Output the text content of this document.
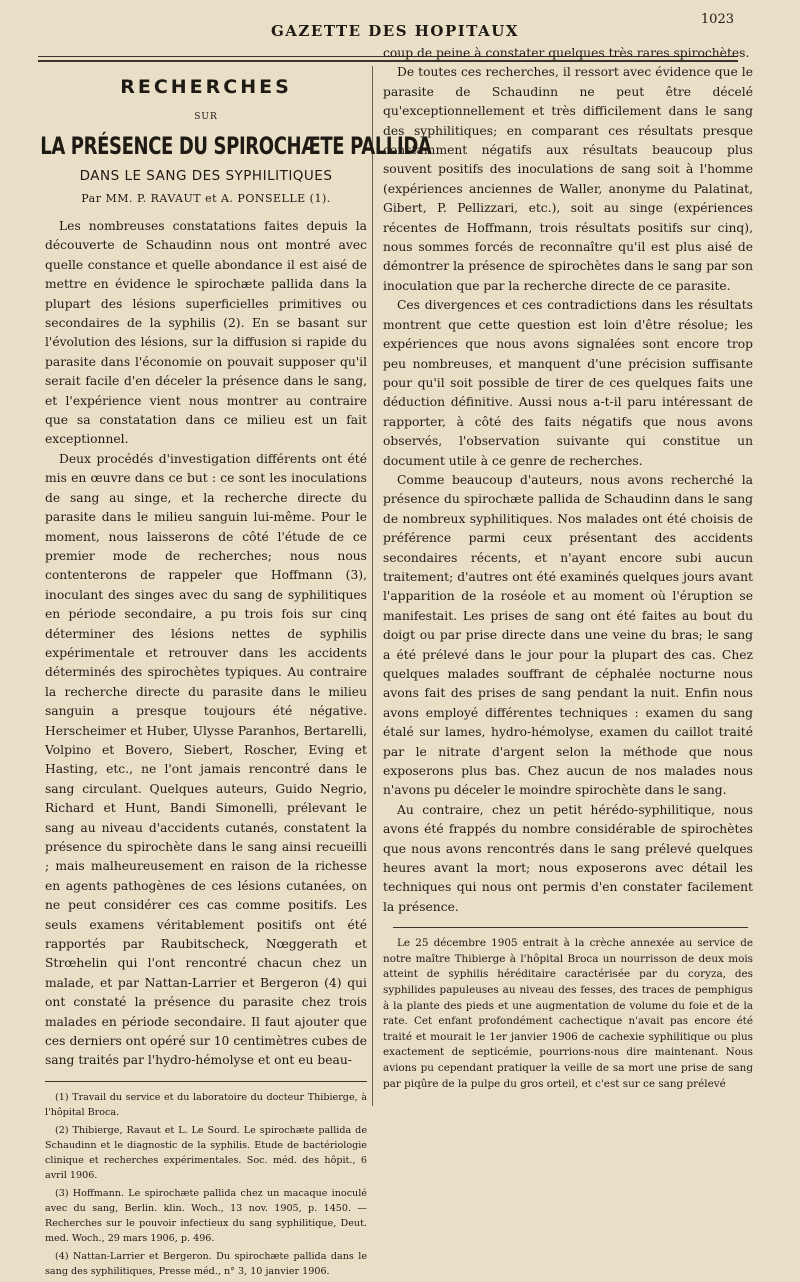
GAZETTE DES HOPITAUX
1023
RECHERCHES
SUR
LA PRÉSENCE DU SPIROCHÆTE PALLIDA
DANS LE SANG DES SYPHILITIQUES
Par MM. P. RAVAUT et A. PONSELLE (1).

Les nombreuses constatations faites depuis la découverte de Schaudinn nous ont montré avec quelle constance et quelle abondance il est aisé de mettre en évidence le spirochæte pallida dans la plupart des lésions superficielles primitives ou secondaires de la syphilis (2). En se basant sur l'évolution des lésions, sur la diffusion si rapide du parasite dans l'économie on pouvait supposer qu'il serait facile d'en déceler la présence dans le sang, et l'expérience vient nous montrer au contraire que sa constatation dans ce milieu est un fait exceptionnel.

Deux procédés d'investigation différents ont été mis en œuvre dans ce but : ce sont les inoculations de sang au singe, et la recherche directe du parasite dans le milieu sanguin lui-même. Pour le moment, nous laisserons de côté l'étude de ce premier mode de recherches; nous nous contenterons de rappeler que Hoffmann (3), inoculant des singes avec du sang de syphilitiques en période secondaire, a pu trois fois sur cinq déterminer des lésions nettes de syphilis expérimentale et retrouver dans les accidents déterminés des spirochètes typiques. Au contraire la recherche directe du parasite dans le milieu sanguin a presque toujours été négative. Herscheimer et Huber, Ulysse Paranhos, Bertarelli, Volpino et Bovero, Siebert, Roscher, Eving et Hasting, etc., ne l'ont jamais rencontré dans le sang circulant. Quelques auteurs, Guido Negrio, Richard et Hunt, Bandi Simonelli, prélevant le sang au niveau d'accidents cutanés, constatent la présence du spirochète dans le sang ainsi recueilli ; mais malheureusement en raison de la richesse en agents pathogènes de ces lésions cutanées, on ne peut considérer ces cas comme positifs. Les seuls examens véritablement positifs ont été rapportés par Raubitscheck, Nœggerath et Strœhelin qui l'ont rencontré chacun chez un malade, et par Nattan-Larrier et Bergeron (4) qui ont constaté la présence du parasite chez trois malades en période secondaire. Il faut ajouter que ces derniers ont opéré sur 10 centimètres cubes de sang traités par l'hydro-hémolyse et ont eu beau-

(1) Travail du service et du laboratoire du docteur Thibierge, à l'hôpital Broca.

(2) Thibierge, Ravaut et L. Le Sourd. Le spirochæte pallida de Schaudinn et le diagnostic de la syphilis. Etude de bactériologie clinique et recherches expérimentales. Soc. méd. des hôpit., 6 avril 1906.

(3) Hoffmann. Le spirochæte pallida chez un macaque inoculé avec du sang, Berlin. klin. Woch., 13 nov. 1905, p. 1450. — Recherches sur le pouvoir infectieux du sang syphilitique, Deut. med. Woch., 29 mars 1906, p. 496.

(4) Nattan-Larrier et Bergeron. Du spirochæte pallida dans le sang des syphilitiques, Presse méd., n° 3, 10 janvier 1906.

coup de peine à constater quelques très rares spirochètes.

De toutes ces recherches, il ressort avec évidence que le parasite de Schaudinn ne peut être décelé qu'exceptionnellement et très difficilement dans le sang des syphilitiques; en comparant ces résultats presque constamment négatifs aux résultats beaucoup plus souvent positifs des inoculations de sang soit à l'homme (expériences anciennes de Waller, anonyme du Palatinat, Gibert, P. Pellizzari, etc.), soit au singe (expériences récentes de Hoffmann, trois résultats positifs sur cinq), nous sommes forcés de reconnaître qu'il est plus aisé de démontrer la présence de spirochètes dans le sang par son inoculation que par la recherche directe de ce parasite.

Ces divergences et ces contradictions dans les résultats montrent que cette question est loin d'être résolue; les expériences que nous avons signalées sont encore trop peu nombreuses, et manquent d'une précision suffisante pour qu'il soit possible de tirer de ces quelques faits une déduction définitive. Aussi nous a-t-il paru intéressant de rapporter, à côté des faits négatifs que nous avons observés, l'observation suivante qui constitue un document utile à ce genre de recherches.

Comme beaucoup d'auteurs, nous avons recherché la présence du spirochæte pallida de Schaudinn dans le sang de nombreux syphilitiques. Nos malades ont été choisis de préférence parmi ceux présentant des accidents secondaires récents, et n'ayant encore subi aucun traitement; d'autres ont été examinés quelques jours avant l'apparition de la roséole et au moment où l'éruption se manifestait. Les prises de sang ont été faites au bout du doigt ou par prise directe dans une veine du bras; le sang a été prélevé dans le jour pour la plupart des cas. Chez quelques malades souffrant de céphalée nocturne nous avons fait des prises de sang pendant la nuit. Enfin nous avons employé différentes techniques : examen du sang étalé sur lames, hydro-hémolyse, examen du caillot traité par le nitrate d'argent selon la méthode que nous exposerons plus bas. Chez aucun de nos malades nous n'avons pu déceler le moindre spirochète dans le sang.

Au contraire, chez un petit hérédo-syphilitique, nous avons été frappés du nombre considérable de spirochètes que nous avons rencontrés dans le sang prélevé quelques heures avant la mort; nous exposerons avec détail les techniques qui nous ont permis d'en constater facilement la présence.

Le 25 décembre 1905 entrait à la crèche annexée au service de notre maître Thibierge à l'hôpital Broca un nourrisson de deux mois atteint de syphilis héréditaire caractérisée par du coryza, des syphilides papuleuses au niveau des fesses, des traces de pemphigus à la plante des pieds et une augmentation de volume du foie et de la rate. Cet enfant profondément cachectique n'avait pas encore été traité et mourait le 1er janvier 1906 de cachexie syphilitique ou plus exactement de septicémie, pourrions-nous dire maintenant. Nous avions pu cependant pratiquer la veille de sa mort une prise de sang par piqûre de la pulpe du gros orteil, et c'est sur ce sang prélevé
